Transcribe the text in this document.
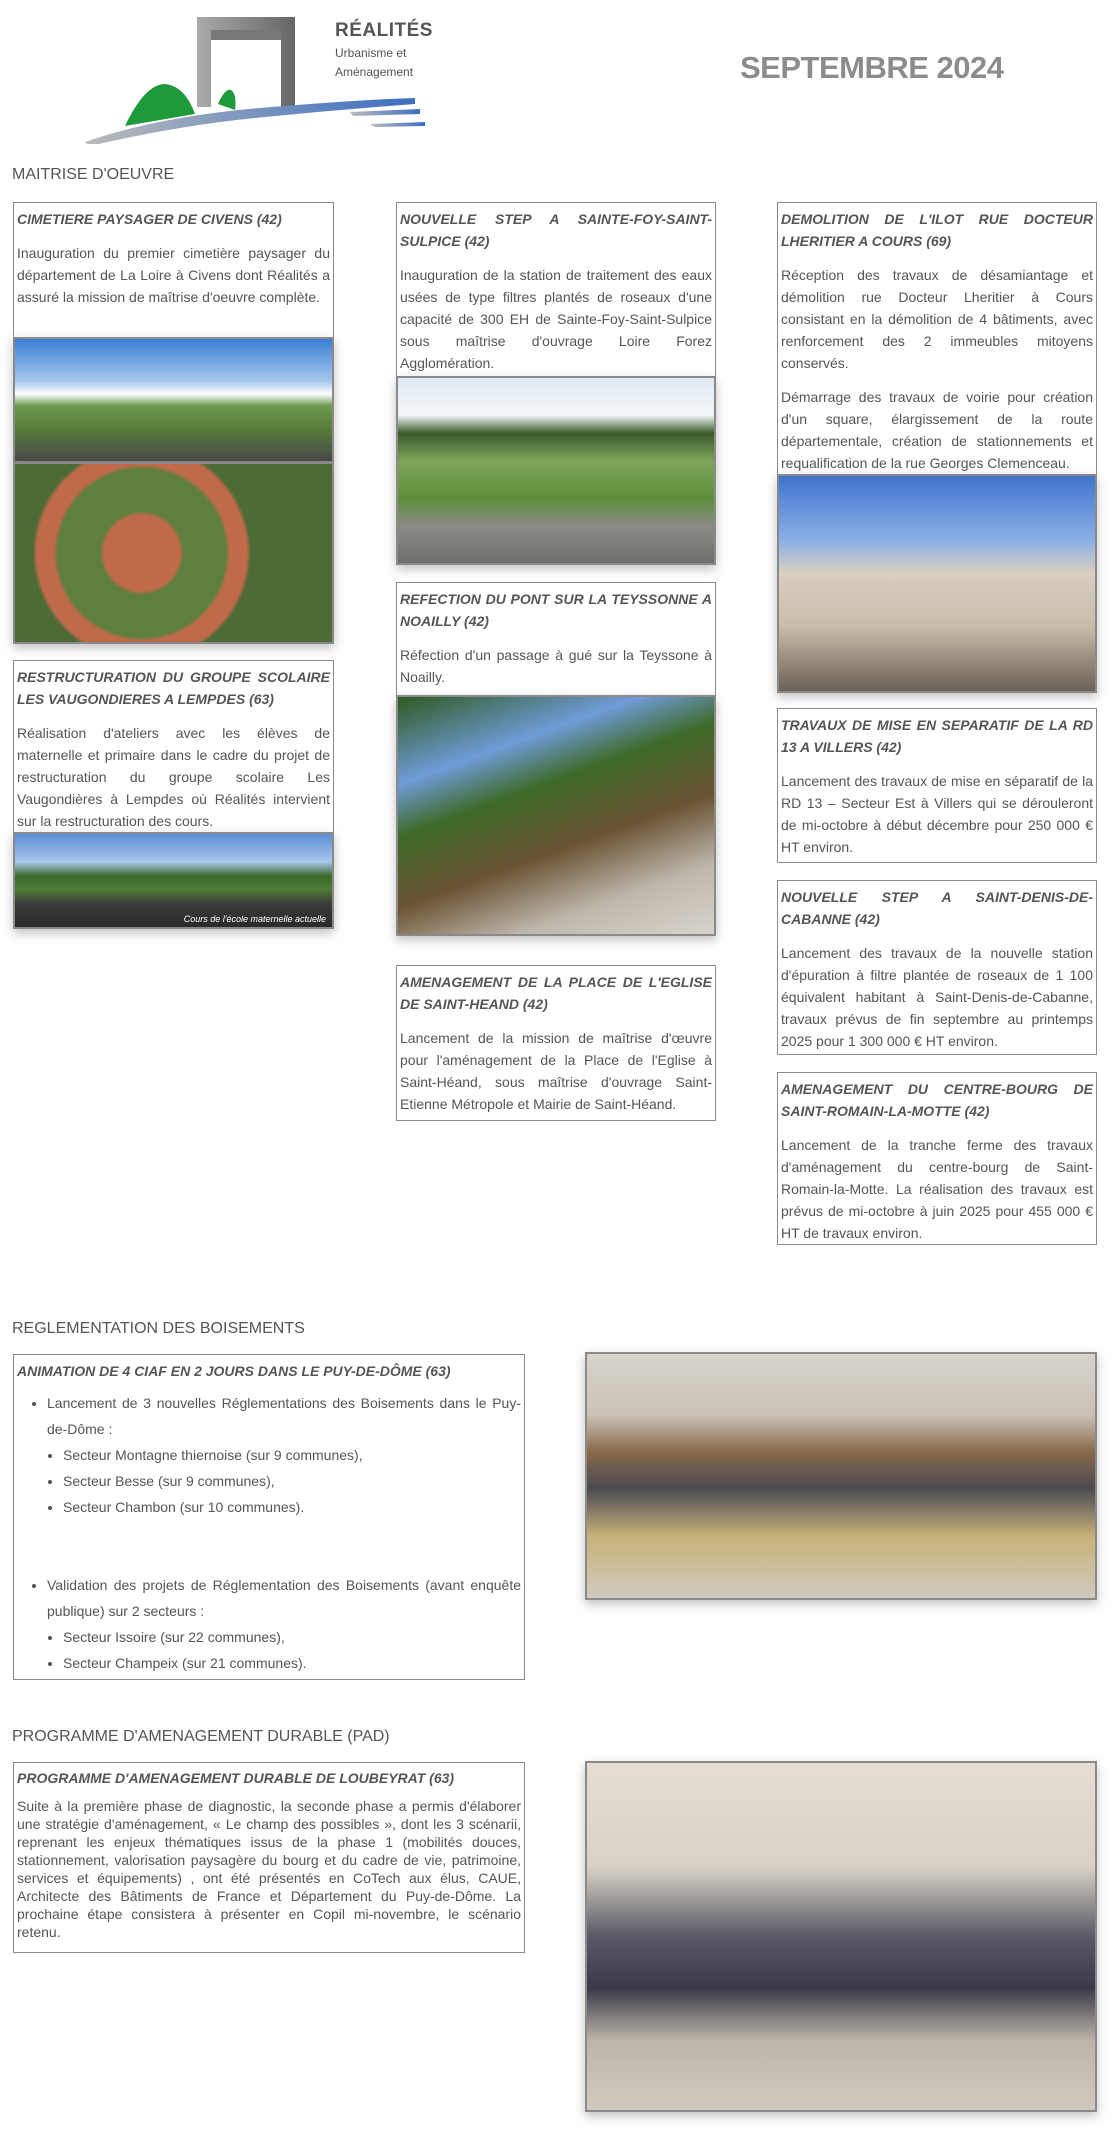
RÉALITÉS
Urbanisme et
Aménagement	SEPTEMBRE 2024
MAITRISE D'OEUVRE
CIMETIERE PAYSAGER DE CIVENS (42)

Inauguration du premier cimetière paysager du département de La Loire à Civens dont Réalités a assuré la mission de maîtrise d'oeuvre complète.

RESTRUCTURATION DU GROUPE SCOLAIRE LES VAUGONDIERES A LEMPDES (63)

Réalisation d'ateliers avec les élèves de maternelle et primaire dans le cadre du projet de restructuration du groupe scolaire Les Vaugondières à Lempdes où Réalités intervient sur la restructuration des cours.

Cours de l'école maternelle actuelle
NOUVELLE STEP A SAINTE-FOY-SAINT-SULPICE (42)

Inauguration de la station de traitement des eaux usées de type filtres plantés de roseaux d'une capacité de 300 EH de Sainte-Foy-Saint-Sulpice sous maîtrise d'ouvrage Loire Forez Agglomération.

REFECTION DU PONT SUR LA TEYSSONNE A NOAILLY (42)

Réfection d'un passage à gué sur la Teyssone à Noailly.

AMENAGEMENT DE LA PLACE DE L'EGLISE DE SAINT-HEAND (42)

Lancement de la mission de maîtrise d'œuvre pour l'aménagement de la Place de l'Eglise à Saint-Héand, sous maîtrise d'ouvrage Saint-Etienne Métropole et Mairie de Saint-Héand.

DEMOLITION DE L'ILOT RUE DOCTEUR LHERITIER A COURS (69)

Réception des travaux de désamiantage et démolition rue Docteur Lheritier à Cours consistant en la démolition de 4 bâtiments, avec renforcement des 2 immeubles mitoyens conservés.

Démarrage des travaux de voirie pour création d'un square, élargissement de la route départementale, création de stationnements et requalification de la rue Georges Clemenceau.

TRAVAUX DE MISE EN SEPARATIF DE LA RD 13 A VILLERS (42)

Lancement des travaux de mise en séparatif de la RD 13 – Secteur Est à Villers qui se dérouleront de mi-octobre à début décembre pour 250 000 € HT environ.

NOUVELLE STEP A SAINT-DENIS-DE-CABANNE (42)

Lancement des travaux de la nouvelle station d'épuration à filtre plantée de roseaux de 1 100 équivalent habitant à Saint-Denis-de-Cabanne, travaux prévus de fin septembre au printemps 2025 pour 1 300 000 € HT environ.

AMENAGEMENT DU CENTRE-BOURG DE SAINT-ROMAIN-LA-MOTTE (42)

Lancement de la tranche ferme des travaux d'aménagement du centre-bourg de Saint-Romain-la-Motte. La réalisation des travaux est prévus de mi-octobre à juin 2025 pour 455 000 € HT de travaux environ.

REGLEMENTATION DES BOISEMENTS
ANIMATION DE 4 CIAF EN 2 JOURS DANS LE PUY-DE-DÔME (63)
• Lancement de 3 nouvelles Réglementations des Boisements dans le Puy-de-Dôme :
• Secteur Montagne thiernoise (sur 9 communes),
• Secteur Besse (sur 9 communes),
• Secteur Chambon (sur 10 communes).
• Validation des projets de Réglementation des Boisements (avant enquête publique) sur 2 secteurs :
• Secteur Issoire (sur 22 communes),
• Secteur Champeix (sur 21 communes).
PROGRAMME D'AMENAGEMENT DURABLE (PAD)
PROGRAMME D'AMENAGEMENT DURABLE DE LOUBEYRAT (63)

Suite à la première phase de diagnostic, la seconde phase a permis d'élaborer une stratégie d'aménagement, « Le champ des possibles », dont les 3 scénarii, reprenant les enjeux thématiques issus de la phase 1 (mobilités douces, stationnement, valorisation paysagère du bourg et du cadre de vie, patrimoine, services et équipements) , ont été présentés en CoTech aux élus, CAUE, Architecte des Bâtiments de France et Département du Puy-de-Dôme. La prochaine étape consistera à présenter en Copil mi-novembre, le scénario retenu.
